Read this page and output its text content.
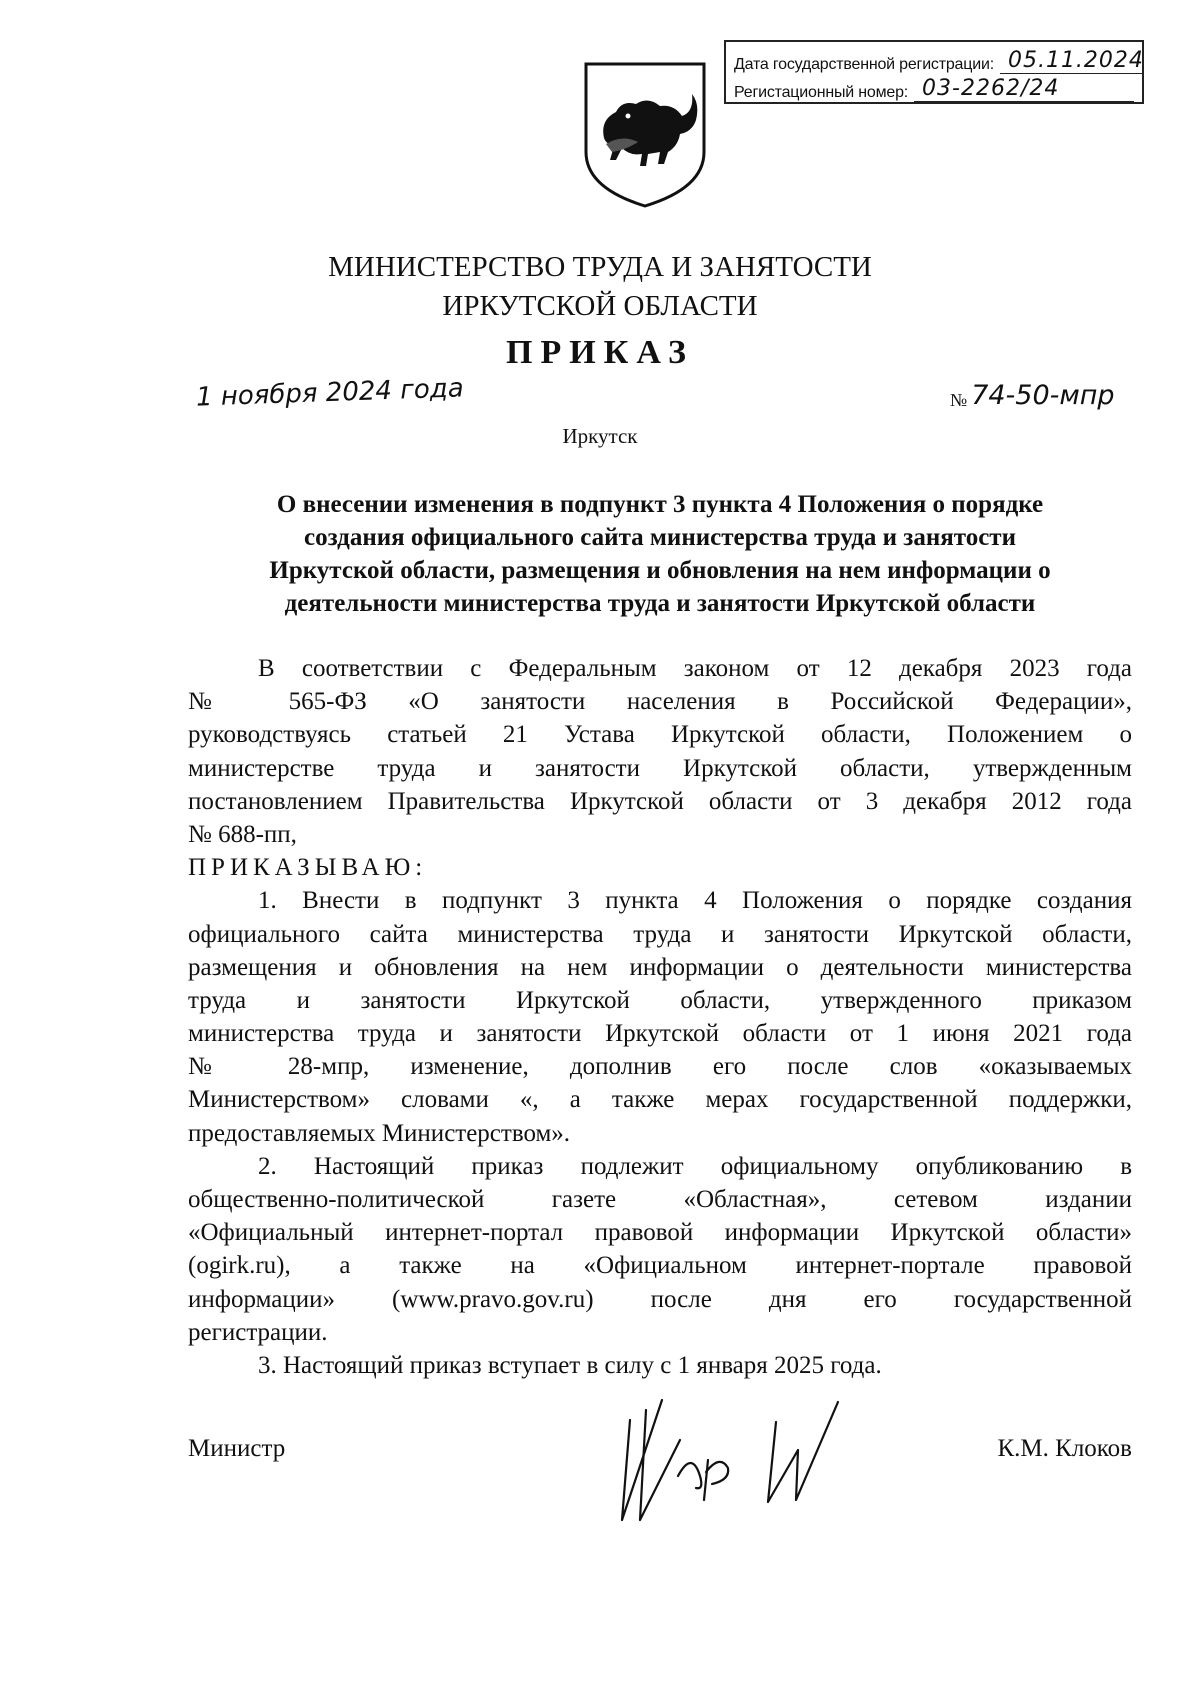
Дата государственной регистрации: 05.11.2024
Регистационный номер: 03-2262/24
МИНИСТЕРСТВО ТРУДА И ЗАНЯТОСТИ
ИРКУТСКОЙ ОБЛАСТИ
ПРИКАЗ
1 ноября 2024 года	№ 74-50-мпр
Иркутск
О внесении изменения в подпункт 3 пункта 4 Положения о порядке
создания официального сайта министерства труда и занятости
Иркутской области, размещения и обновления на нем информации о
деятельности министерства труда и занятости Иркутской области
В соответствии с Федеральным законом от 12 декабря 2023 года
№ 565-ФЗ «О занятости населения в Российской Федерации»,
руководствуясь статьей 21 Устава Иркутской области, Положением о
министерстве труда и занятости Иркутской области, утвержденным
постановлением Правительства Иркутской области от 3 декабря 2012 года
№ 688-пп,
ПРИКАЗЫВАЮ:
1. Внести в подпункт 3 пункта 4 Положения о порядке создания
официального сайта министерства труда и занятости Иркутской области,
размещения и обновления на нем информации о деятельности министерства
труда и занятости Иркутской области, утвержденного приказом
министерства труда и занятости Иркутской области от 1 июня 2021 года
№ 28-мпр, изменение, дополнив его после слов «оказываемых
Министерством» словами «, а также мерах государственной поддержки,
предоставляемых Министерством».
2. Настоящий приказ подлежит официальному опубликованию в
общественно-политической газете «Областная», сетевом издании
«Официальный интернет-портал правовой информации Иркутской области»
(ogirk.ru), а также на «Официальном интернет-портале правовой
информации» (www.pravo.gov.ru) после дня его государственной
регистрации.
3. Настоящий приказ вступает в силу с 1 января 2025 года.
Министр	К.М. Клоков
